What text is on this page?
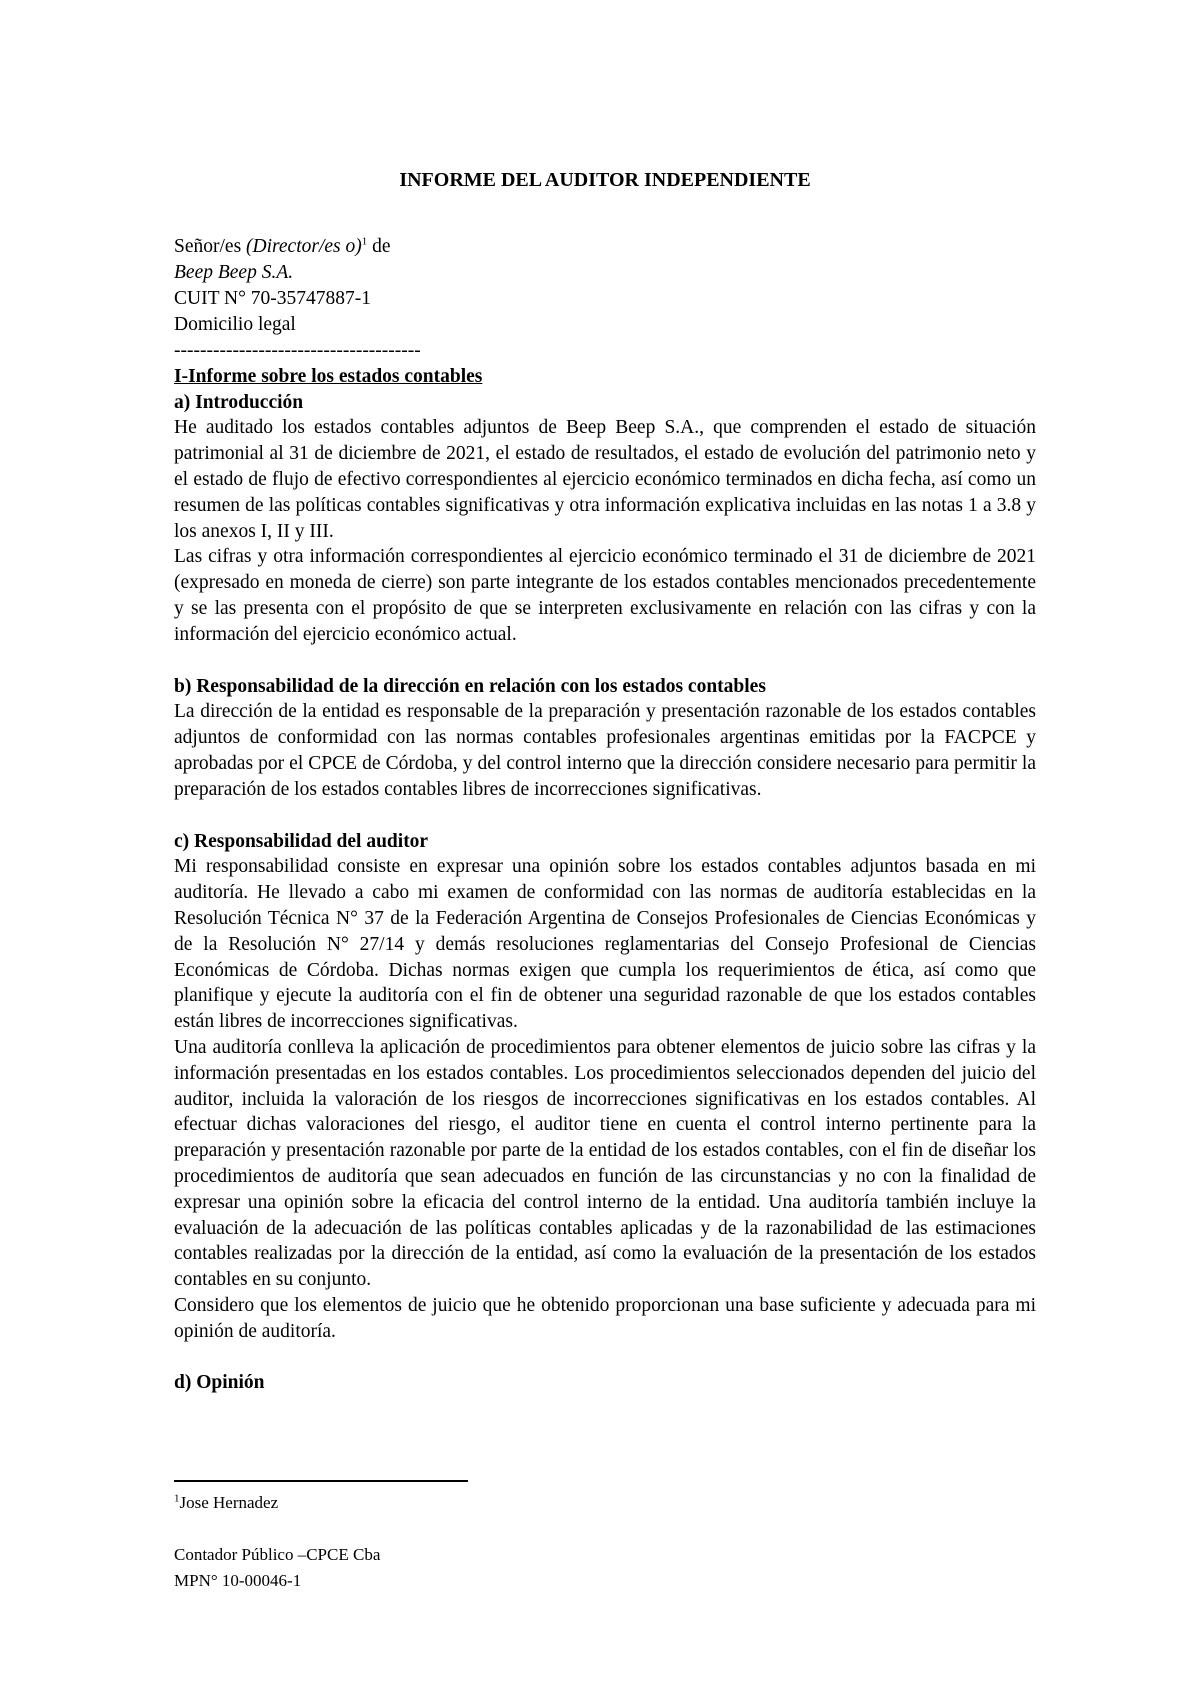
INFORME DEL AUDITOR INDEPENDIENTE
Señor/es (Director/es o)$^1$ de
Beep Beep S.A.
CUIT N° 70-35747887-1
Domicilio legal
--------------------------------------
I-Informe sobre los estados contables
a) Introducción

He auditado los estados contables adjuntos de Beep Beep S.A., que comprenden el estado de situación patrimonial al 31 de diciembre de 2021, el estado de resultados, el estado de evolución del patrimonio neto y el estado de flujo de efectivo correspondientes al ejercicio económico terminados en dicha fecha, así como un resumen de las políticas contables significativas y otra información explicativa incluidas en las notas 1 a 3.8 y los anexos I, II y III.

Las cifras y otra información correspondientes al ejercicio económico terminado el 31 de diciembre de 2021 (expresado en moneda de cierre) son parte integrante de los estados contables mencionados precedentemente y se las presenta con el propósito de que se interpreten exclusivamente en relación con las cifras y con la información del ejercicio económico actual.

b) Responsabilidad de la dirección en relación con los estados contables

La dirección de la entidad es responsable de la preparación y presentación razonable de los estados contables adjuntos de conformidad con las normas contables profesionales argentinas emitidas por la FACPCE y aprobadas por el CPCE de Córdoba, y del control interno que la dirección considere necesario para permitir la preparación de los estados contables libres de incorrecciones significativas.

c) Responsabilidad del auditor

Mi responsabilidad consiste en expresar una opinión sobre los estados contables adjuntos basada en mi auditoría. He llevado a cabo mi examen de conformidad con las normas de auditoría establecidas en la Resolución Técnica N° 37 de la Federación Argentina de Consejos Profesionales de Ciencias Económicas y de la Resolución N° 27/14 y demás resoluciones reglamentarias del Consejo Profesional de Ciencias Económicas de Córdoba. Dichas normas exigen que cumpla los requerimientos de ética, así como que planifique y ejecute la auditoría con el fin de obtener una seguridad razonable de que los estados contables están libres de incorrecciones significativas.

Una auditoría conlleva la aplicación de procedimientos para obtener elementos de juicio sobre las cifras y la información presentadas en los estados contables. Los procedimientos seleccionados dependen del juicio del auditor, incluida la valoración de los riesgos de incorrecciones significativas en los estados contables. Al efectuar dichas valoraciones del riesgo, el auditor tiene en cuenta el control interno pertinente para la preparación y presentación razonable por parte de la entidad de los estados contables, con el fin de diseñar los procedimientos de auditoría que sean adecuados en función de las circunstancias y no con la finalidad de expresar una opinión sobre la eficacia del control interno de la entidad. Una auditoría también incluye la evaluación de la adecuación de las políticas contables aplicadas y de la razonabilidad de las estimaciones contables realizadas por la dirección de la entidad, así como la evaluación de la presentación de los estados contables en su conjunto.

Considero que los elementos de juicio que he obtenido proporcionan una base suficiente y adecuada para mi opinión de auditoría.

d) Opinión
$^1$Jose Hernadez
Contador Público –CPCE Cba
MPN° 10-00046-1
